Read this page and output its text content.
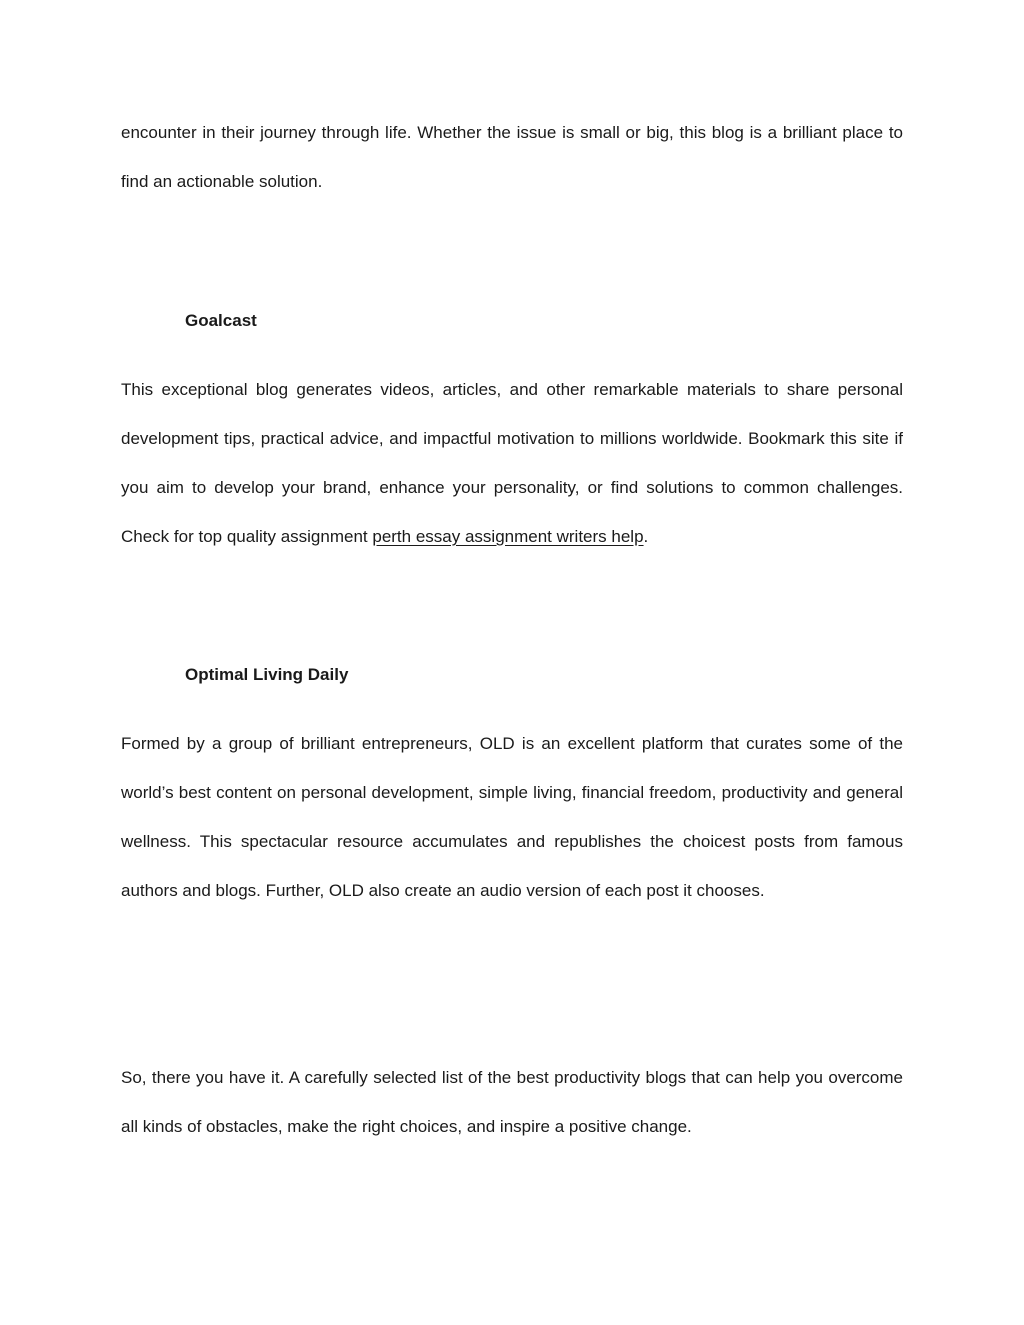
encounter in their journey through life. Whether the issue is small or big, this blog is a brilliant place to find an actionable solution.

Goalcast

This exceptional blog generates videos, articles, and other remarkable materials to share personal development tips, practical advice, and impactful motivation to millions worldwide. Bookmark this site if you aim to develop your brand, enhance your personality, or find solutions to common challenges. Check for top quality assignment perth essay assignment writers help.

Optimal Living Daily

Formed by a group of brilliant entrepreneurs, OLD is an excellent platform that curates some of the world’s best content on personal development, simple living, financial freedom, productivity and general wellness. This spectacular resource accumulates and republishes the choicest posts from famous authors and blogs. Further, OLD also create an audio version of each post it chooses.

So, there you have it. A carefully selected list of the best productivity blogs that can help you overcome all kinds of obstacles, make the right choices, and inspire a positive change.
